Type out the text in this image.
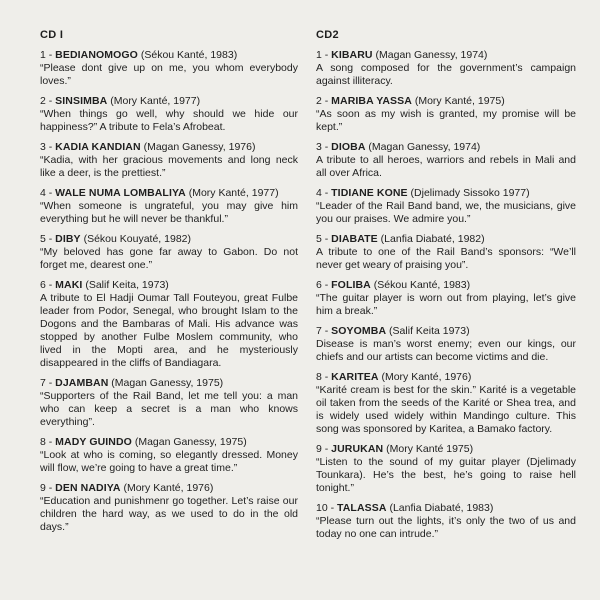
CD I
1 - BEDIANOMOGO (Sékou Kanté, 1983)
“Please dont give up on me, you whom everybody loves.”
2 - SINSIMBA (Mory Kanté, 1977)
“When things go well, why should we hide our happiness?” A tribute to Fela’s Afrobeat.
3 - KADIA KANDIAN (Magan Ganessy, 1976)
“Kadia, with her gracious movements and long neck like a deer, is the prettiest.”
4 - WALE NUMA LOMBALIYA (Mory Kanté, 1977)
“When someone is ungrateful, you may give him everything but he will never be thankful.”
5 - DIBY (Sékou Kouyaté, 1982)
“My beloved has gone far away to Gabon. Do not forget me, dearest one.”
6 - MAKI (Salif Keita, 1973)
A tribute to El Hadji Oumar Tall Fouteyou, great Fulbe leader from Podor, Senegal, who brought Islam to the Dogons and the Bambaras of Mali. His advance was stopped by another Fulbe Moslem community, who lived in the Mopti area, and he mysteriously disappeared in the cliffs of Bandiagara.
7 - DJAMBAN (Magan Ganessy, 1975)
“Supporters of the Rail Band, let me tell you: a man who can keep a secret is a man who knows everything”.
8 - MADY GUINDO (Magan Ganessy, 1975)
“Look at who is coming, so elegantly dressed. Money will flow, we’re going to have a great time.”
9 - DEN NADIYA (Mory Kanté, 1976)
“Education and punishmenr go together. Let’s raise our children the hard way, as we used to do in the old days.”
CD2
1 - KIBARU (Magan Ganessy, 1974)
A song composed for the government’s campaign against illiteracy.
2 - MARIBA YASSA (Mory Kanté, 1975)
“As soon as my wish is granted, my promise will be kept.”
3 - DIOBA (Magan Ganessy, 1974)
A tribute to all heroes, warriors and rebels in Mali and all over Africa.
4 - TIDIANE KONE (Djelimady Sissoko 1977)
“Leader of the Rail Band band, we, the musicians, give you our praises. We admire you.”
5 - DIABATE (Lanfia Diabaté, 1982)
A tribute to one of the Rail Band’s sponsors: “We’ll never get weary of praising you”.
6 - FOLIBA (Sékou Kanté, 1983)
“The guitar player is worn out from playing, let’s give him a break.”
7 - SOYOMBA (Salif Keita 1973)
Disease is man’s worst enemy; even our kings, our chiefs and our artists can become victims and die.
8 - KARITEA (Mory Kanté, 1976)
“Karité cream is best for the skin.” Karité is a vegetable oil taken from the seeds of the Karité or Shea trea, and is widely used widely within Mandingo culture. This song was sponsored by Karitea, a Bamako factory.
9 - JURUKAN (Mory Kanté 1975)
“Listen to the sound of my guitar player (Djelimady Tounkara). He’s the best, he’s going to raise hell tonight.”
10 - TALASSA (Lanfia Diabaté, 1983)
“Please turn out the lights, it’s only the two of us and today no one can intrude.”
